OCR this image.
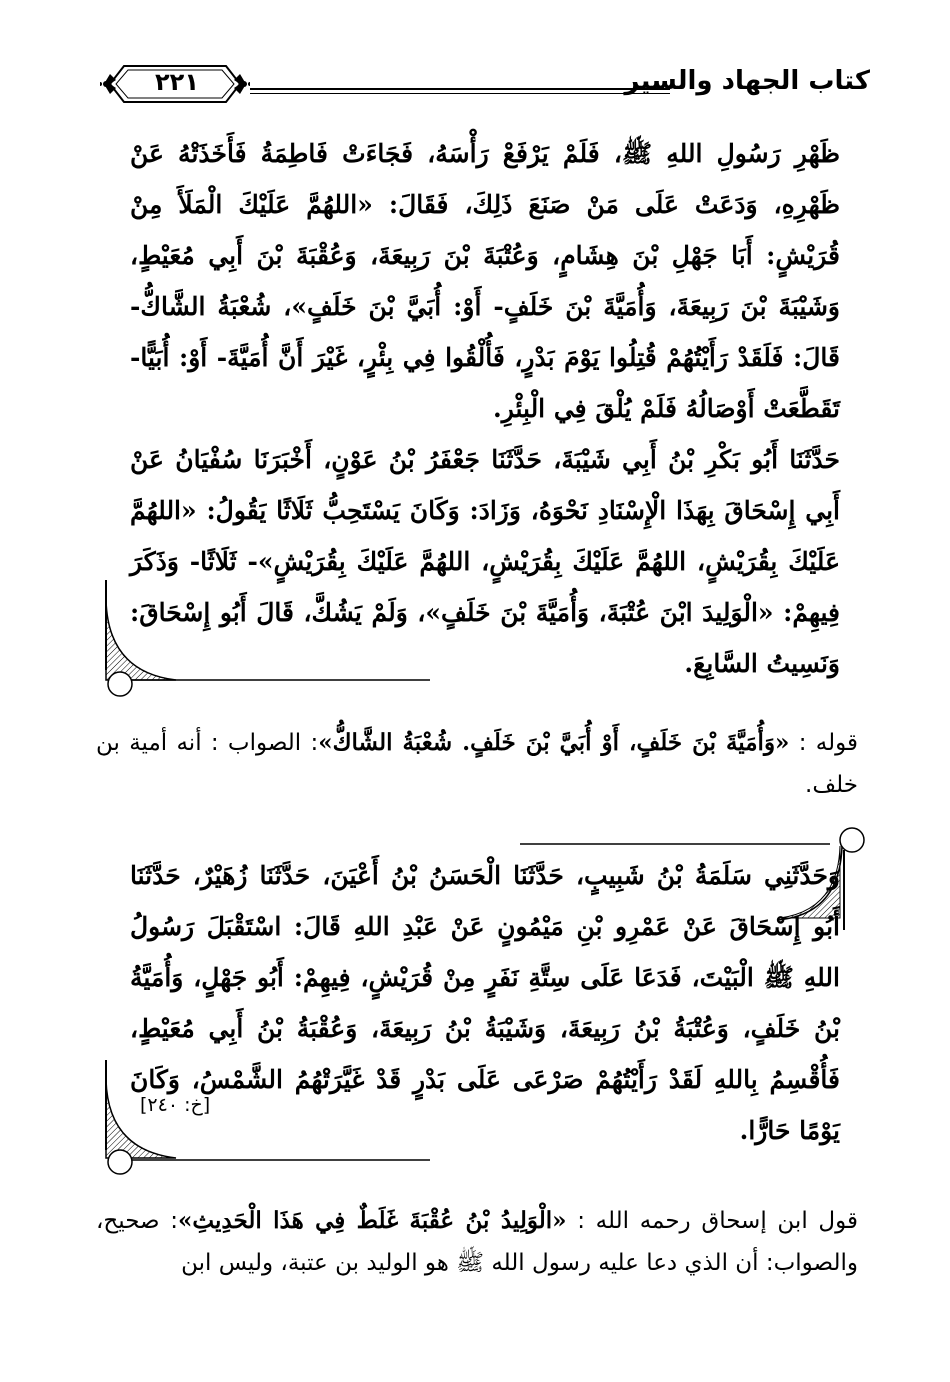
٢٢١	كتاب الجهاد والسير
ظَهْرِ رَسُولِ اللهِ ﷺ، فَلَمْ يَرْفَعْ رَأْسَهُ، فَجَاءَتْ فَاطِمَةُ فَأَخَذَتْهُ عَنْ ظَهْرِهِ، وَدَعَتْ عَلَى مَنْ صَنَعَ ذَلِكَ، فَقَالَ: «اللهُمَّ عَلَيْكَ الْمَلَأَ مِنْ قُرَيْشٍ: أَبَا جَهْلِ بْنَ هِشَامٍ، وَعُتْبَةَ بْنَ رَبِيعَةَ، وَعُقْبَةَ بْنَ أَبِي مُعَيْطٍ، وَشَيْبَةَ بْنَ رَبِيعَةَ، وَأُمَيَّةَ بْنَ خَلَفٍ- أَوْ: أُبَيَّ بْنَ خَلَفٍ»، شُعْبَةُ الشَّاكُّ- قَالَ: فَلَقَدْ رَأَيْتُهُمْ قُتِلُوا يَوْمَ بَدْرٍ، فَأُلْقُوا فِي بِئْرٍ، غَيْرَ أَنَّ أُمَيَّةَ- أَوْ: أُبَيًّا- تَقَطَّعَتْ أَوْصَالُهُ فَلَمْ يُلْقَ فِي الْبِئْرِ.
حَدَّثَنَا أَبُو بَكْرِ بْنُ أَبِي شَيْبَةَ، حَدَّثَنَا جَعْفَرُ بْنُ عَوْنٍ، أَخْبَرَنَا سُفْيَانُ عَنْ أَبِي إِسْحَاقَ بِهَذَا الْإِسْنَادِ نَحْوَهُ، وَزَادَ: وَكَانَ يَسْتَحِبُّ ثَلَاثًا يَقُولُ: «اللهُمَّ عَلَيْكَ بِقُرَيْشٍ، اللهُمَّ عَلَيْكَ بِقُرَيْشٍ، اللهُمَّ عَلَيْكَ بِقُرَيْشٍ»- ثَلَاثًا- وَذَكَرَ فِيهِمْ: «الْوَلِيدَ ابْنَ عُتْبَةَ، وَأُمَيَّةَ بْنَ خَلَفٍ»، وَلَمْ يَشُكَّ، قَالَ أَبُو إِسْحَاقَ: وَنَسِيتُ السَّابِعَ.
قوله : «وَأُمَيَّةَ بْنَ خَلَفٍ، أَوْ أُبَيَّ بْنَ خَلَفٍ. شُعْبَةُ الشَّاكُّ»: الصواب : أنه أمية بن خلف.
وَحَدَّثَنِي سَلَمَةُ بْنُ شَبِيبٍ، حَدَّثَنَا الْحَسَنُ بْنُ أَعْيَنَ، حَدَّثَنَا زُهَيْرٌ، حَدَّثَنَا أَبُو إِسْحَاقَ عَنْ عَمْرِو بْنِ مَيْمُونٍ عَنْ عَبْدِ اللهِ قَالَ: اسْتَقْبَلَ رَسُولُ اللهِ ﷺ الْبَيْتَ، فَدَعَا عَلَى سِتَّةِ نَفَرٍ مِنْ قُرَيْشٍ، فِيهِمْ: أَبُو جَهْلٍ، وَأُمَيَّةُ بْنُ خَلَفٍ، وَعُتْبَةُ بْنُ رَبِيعَةَ، وَشَيْبَةُ بْنُ رَبِيعَةَ، وَعُقْبَةُ بْنُ أَبِي مُعَيْطٍ، فَأُقْسِمُ بِاللهِ لَقَدْ رَأَيْتُهُمْ صَرْعَى عَلَى بَدْرٍ قَدْ غَيَّرَتْهُمُ الشَّمْسُ، وَكَانَ يَوْمًا حَارًّا.
[خ: ٢٤٠]
قول ابن إسحاق رحمه الله : «الْوَلِيدُ بْنُ عُقْبَةَ غَلَطٌ فِي هَذَا الْحَدِيثِ»: صحيح، والصواب: أن الذي دعا عليه رسول الله ﷺ هو الوليد بن عتبة، وليس ابن
